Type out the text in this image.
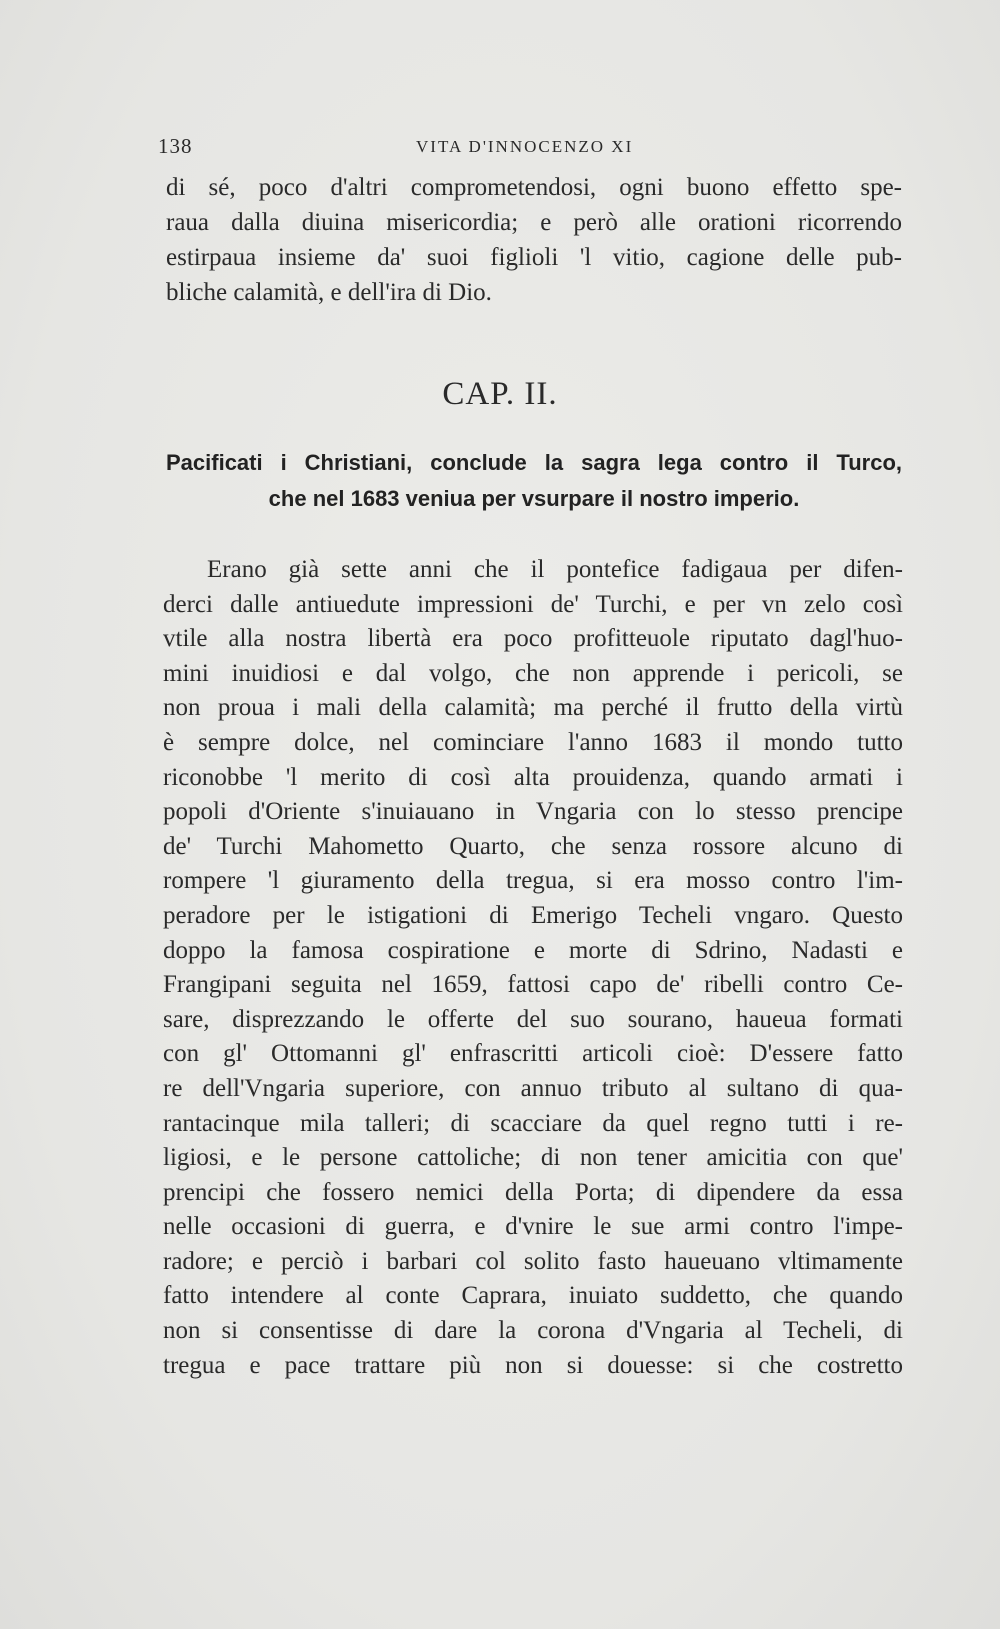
138	VITA D'INNOCENZO XI
di sé, poco d'altri comprometendosi, ogni buono effetto spe-
raua dalla diuina misericordia; e però alle orationi ricorrendo
estirpaua insieme da' suoi figlioli 'l vitio, cagione delle pub-
bliche calamità, e dell'ira di Dio.
CAP. II.
Pacificati i Christiani, conclude la sagra lega contro il Turco,
che nel 1683 veniua per vsurpare il nostro imperio.
Erano già sette anni che il pontefice fadigaua per difen-
derci dalle antiuedute impressioni de' Turchi, e per vn zelo così
vtile alla nostra libertà era poco profitteuole riputato dagl'huo-
mini inuidiosi e dal volgo, che non apprende i pericoli, se
non proua i mali della calamità; ma perché il frutto della virtù
è sempre dolce, nel cominciare l'anno 1683 il mondo tutto
riconobbe 'l merito di così alta prouidenza, quando armati i
popoli d'Oriente s'inuiauano in Vngaria con lo stesso prencipe
de' Turchi Mahometto Quarto, che senza rossore alcuno di
rompere 'l giuramento della tregua, si era mosso contro l'im-
peradore per le istigationi di Emerigo Techeli vngaro. Questo
doppo la famosa cospiratione e morte di Sdrino, Nadasti e
Frangipani seguita nel 1659, fattosi capo de' ribelli contro Ce-
sare, disprezzando le offerte del suo sourano, haueua formati
con gl' Ottomanni gl' enfrascritti articoli cioè: D'essere fatto
re dell'Vngaria superiore, con annuo tributo al sultano di qua-
rantacinque mila talleri; di scacciare da quel regno tutti i re-
ligiosi, e le persone cattoliche; di non tener amicitia con que'
prencipi che fossero nemici della Porta; di dipendere da essa
nelle occasioni di guerra, e d'vnire le sue armi contro l'impe-
radore; e perciò i barbari col solito fasto haueuano vltimamente
fatto intendere al conte Caprara, inuiato suddetto, che quando
non si consentisse di dare la corona d'Vngaria al Techeli, di
tregua e pace trattare più non si douesse: si che costretto
